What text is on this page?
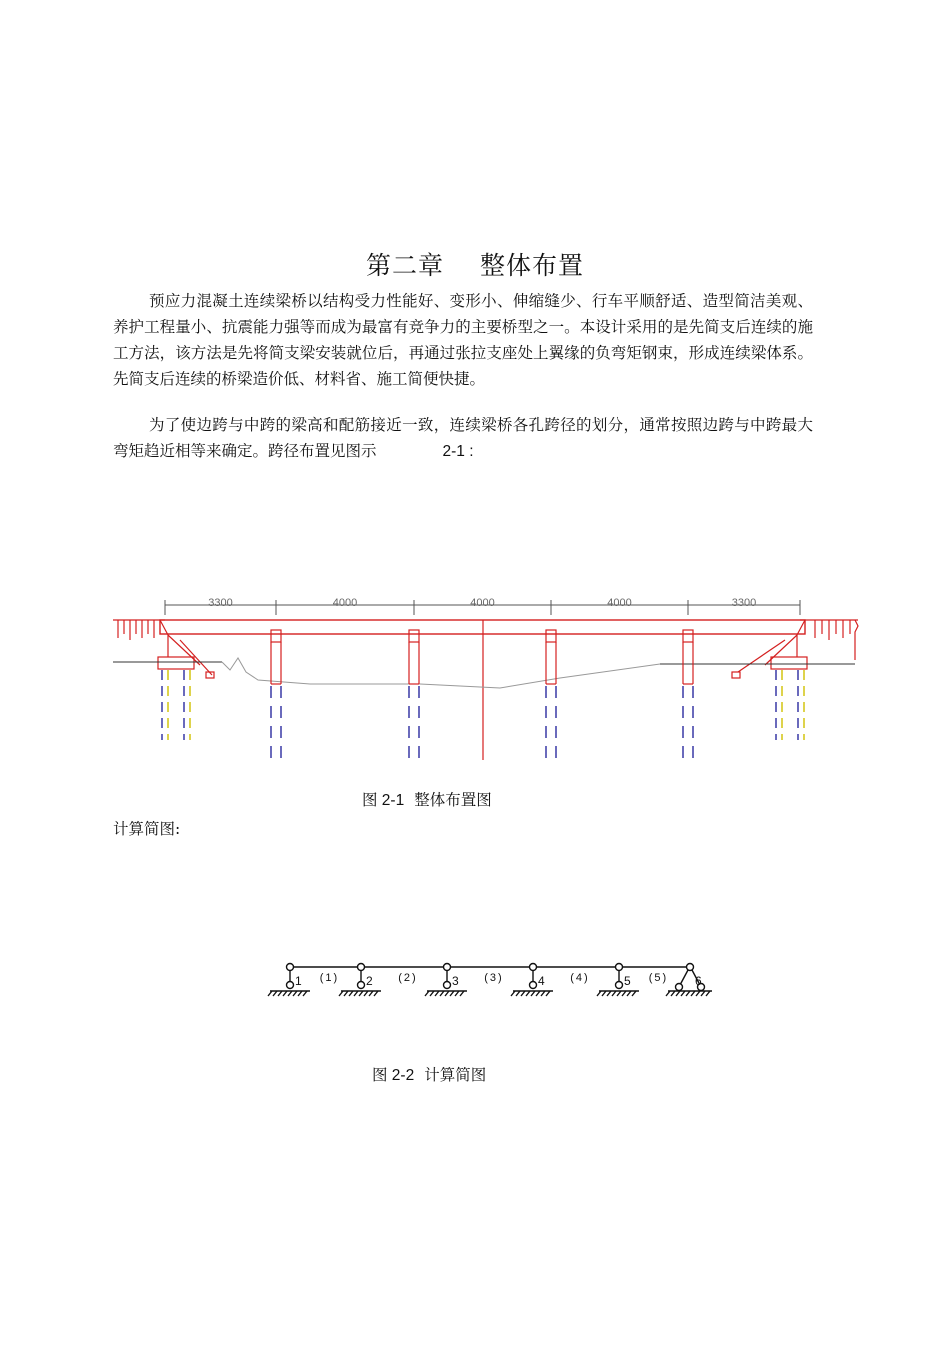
第二章 整体布置

预应力混凝土连续梁桥以结构受力性能好、变形小、伸缩缝少、行车平顺舒适、造型简洁美观、养护工程量小、抗震能力强等而成为最富有竞争力的主要桥型之一。本设计采用的是先简支后连续的施工方法，该方法是先将简支梁安装就位后，再通过张拉支座处上翼缘的负弯矩钢束，形成连续梁体系。先简支后连续的桥梁造价低、材料省、施工简便快捷。

为了使边跨与中跨的梁高和配筋接近一致，连续梁桥各孔跨径的划分，通常按照边跨与中跨最大弯矩趋近相等来确定。跨径布置见图示	2-1 :

3300	4000	4000	4000	3300
图 2-1 整体布置图
计算简图:
1	2	3	4	5	6
(1)	(2)	(3)	(4)	(5)
图 2-2 计算简图
